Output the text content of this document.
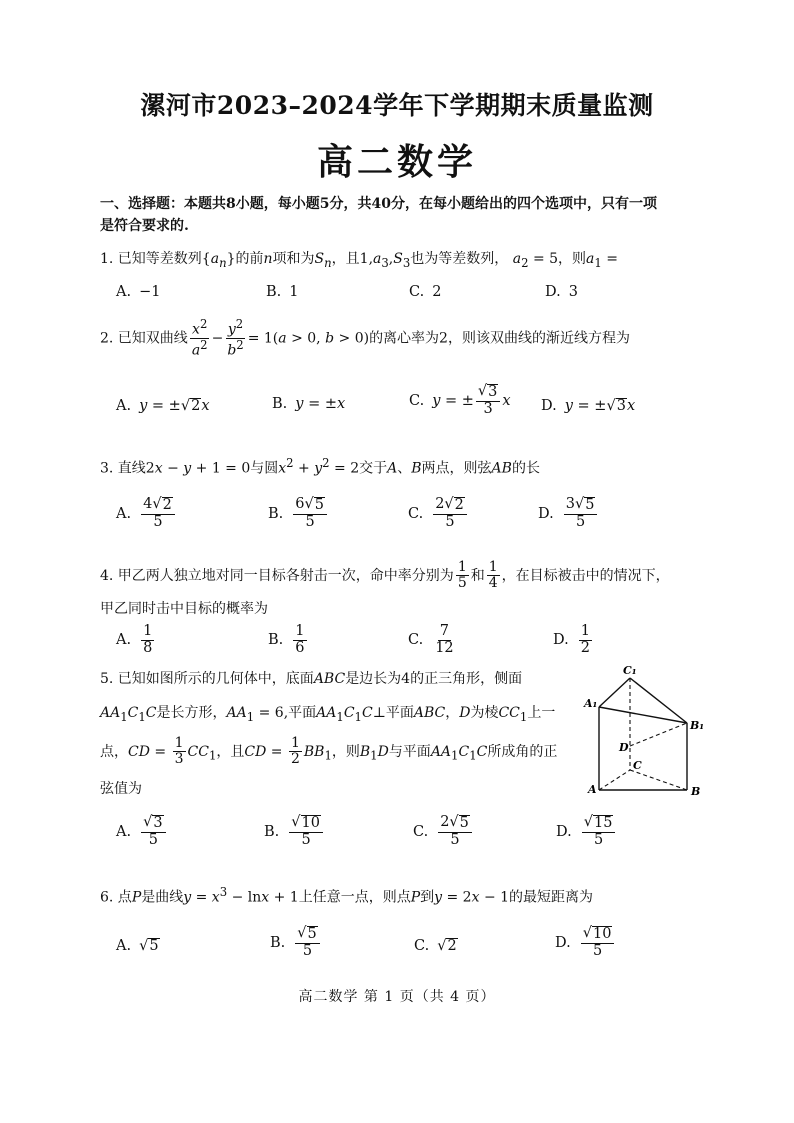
漯河市2023–2024学年下学期期末质量监测
高二数学
一、选择题：本题共8小题，每小题5分，共40分，在每小题给出的四个选项中，只有一项
是符合要求的.
1. 已知等差数列$\{a_n\}$的前n项和为$S_n$，且$1,a_3,S_3$也为等差数列， $a_2 = 5$，则$a_1$ =
A. −1	B. 1	C. 2	D. 3
2. 已知双曲线 $\frac{x^2}{a^2} - \frac{y^2}{b^2} = 1(a > 0$, b > 0)的离心率为2，则该双曲线的渐近线方程为
A. y = ±√ 2 x	B. y = ±x	C. y = ± $\frac{√ 3}{3}$ x D. y = ±√ 3 x
3. 直线2x − y + 1 = 0与圆$x^2 + y^2 = 2$交于A、B两点，则弦AB的长
A. $\frac{4√ 2}{5}$	B. $\frac{6√ 5}{5}$	C. $\frac{2√ 2}{5}$	D. $\frac{3√ 5}{5}$
4. 甲乙两人独立地对同一目标各射击一次，命中率分别为 $\frac{1}{5}$ 和 $\frac{1}{4}$ ，在目标被击中的情况下，
甲乙同时击中目标的概率为
A. $\frac{1}{8}$	B. $\frac{1}{6}$	C. $\frac{7}{12}$	D. $\frac{1}{2}$
5. 已知如图所示的几何体中，底面ABC是边长为4的正三角形，侧面
$AA_1C_1C$是长方形，$AA_1 = 6$,平面$AA_1C_1C\perp$平面ABC，D为棱$CC_1$上一
点，CD = $\frac{1}{3} CC_1$，且CD = $\frac{1}{2} BB_1$，则$B_1D$与平面$AA_1C_1C$所成角的正
弦值为
C₁
A₁
B₁
D
C
A	B
A. $\frac{√ 3}{5}$	B. $\frac{√ 10}{5}$	C. $\frac{2√ 5}{5}$	D. $\frac{√ 15}{5}$
6. 点P是曲线$y = x^3 - \ln x + 1$上任意一点，则点P到y = 2x − 1的最短距离为
A. √ 5	B. $\frac{√ 5}{5}$	C. √ 2	D. $\frac{√ 10}{5}$
高二数学 第 1 页（共 4 页）
